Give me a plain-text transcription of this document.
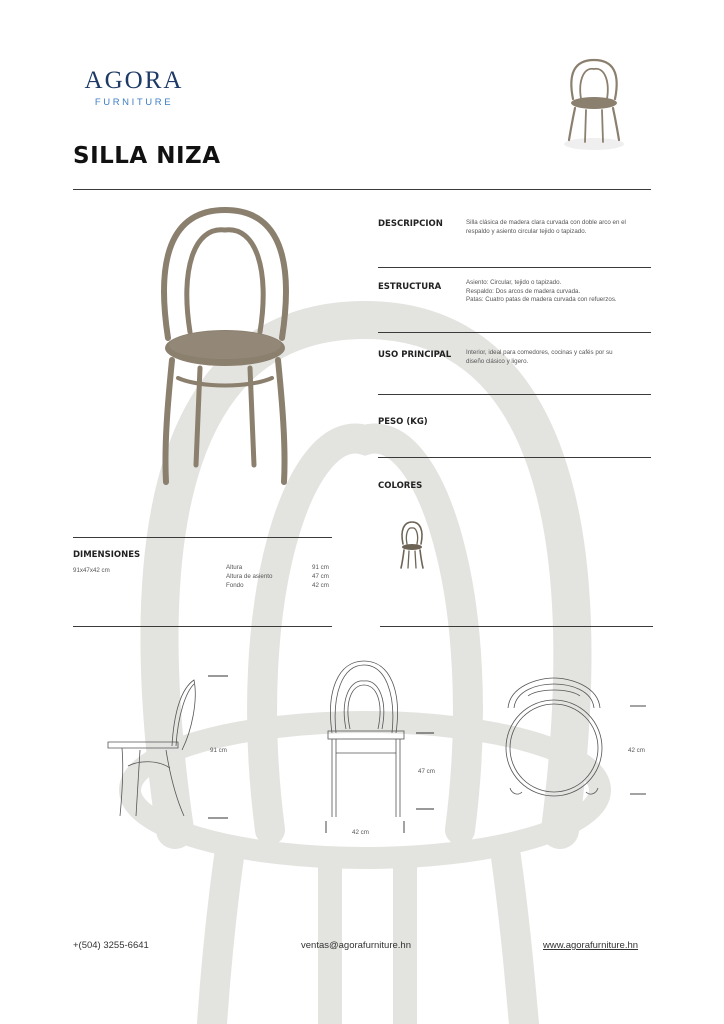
AGORA
FURNITURE
SILLA NIZA
DESCRIPCION	Silla clásica de madera clara curvada con doble arco en el
respaldo y asiento circular tejido o tapizado.
ESTRUCTURA	Asiento: Circular, tejido o tapizado.
Respaldo: Dos arcos de madera curvada.
Patas: Cuatro patas de madera curvada con refuerzos.
USO PRINCIPAL Interior, ideal para comedores, cocinas y cafés por su
diseño clásico y ligero.
PESO (KG)
COLORES
DIMENSIONES
91x47x42 cm	Altura	91 cm
Altura de asiento	47 cm
Fondo	42 cm
91 cm
47 cm
42 cm
42 cm
+(504) 3255-6641	ventas@agorafurniture.hn	www.agorafurniture.hn
